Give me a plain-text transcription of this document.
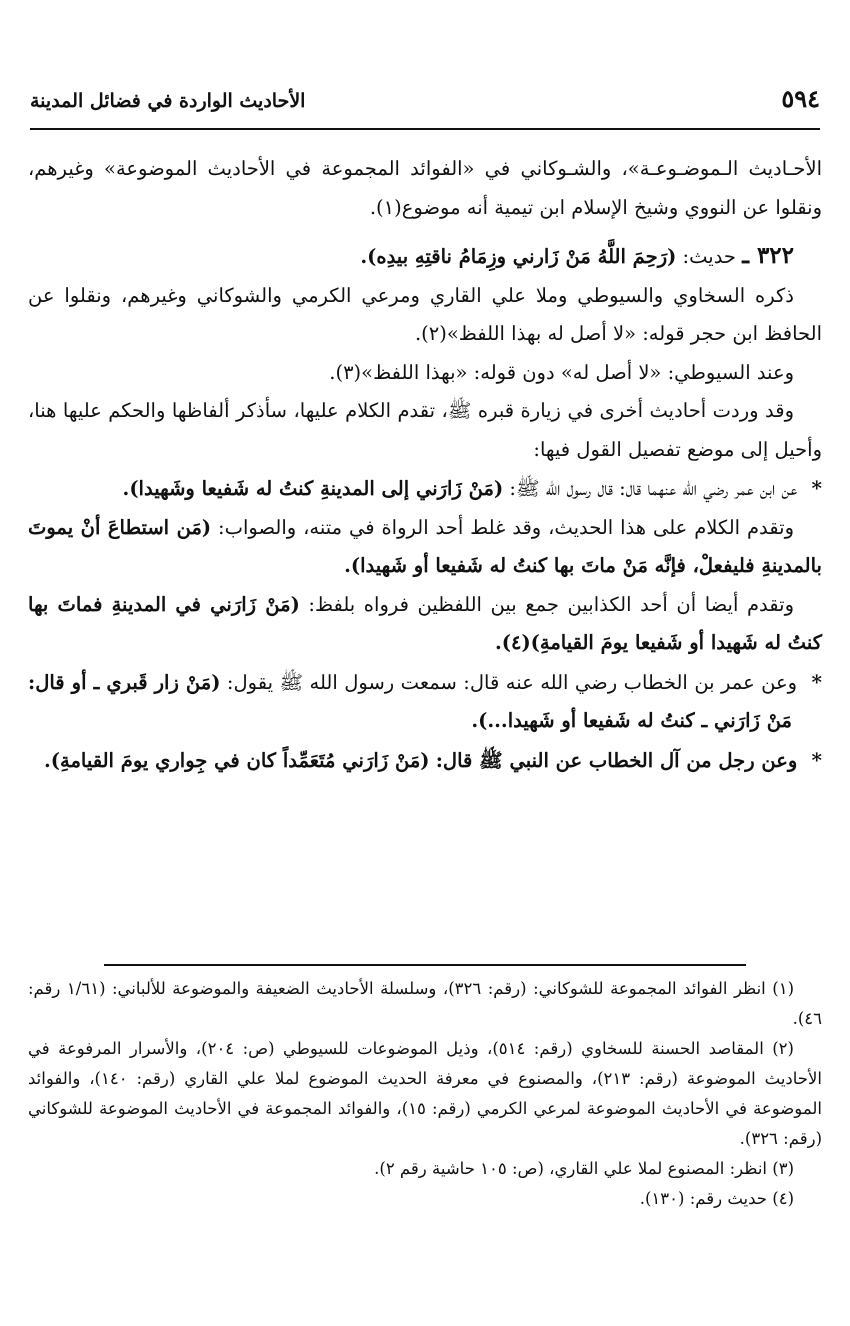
٥٩٤
الأحاديث الواردة في فضائل المدينة

الأحـاديث الـموضـوعـة»، والشـوكاني في «الفوائد المجموعة في الأحاديث الموضوعة» وغيرهم، ونقلوا عن النووي وشيخ الإسلام ابن تيمية أنه موضوع(١).

٣٢٢ ـ حديث: (رَحِمَ اللَّهُ مَنْ زَارني وزِمَامُ ناقتِهِ بيدِه).

ذكره السخاوي والسيوطي وملا علي القاري ومرعي الكرمي والشوكاني وغيرهم، ونقلوا عن الحافظ ابن حجر قوله: «لا أصل له بهذا اللفظ»(٢).

وعند السيوطي: «لا أصل له» دون قوله: «بهذا اللفظ»(٣).

وقد وردت أحاديث أخرى في زيارة قبره ﷺ، تقدم الكلام عليها، سأذكر ألفاظها والحكم عليها هنا، وأحيل إلى موضع تفصيل القول فيها:

* عن ابن عمر رضي الله عنهما قال: قال رسول الله ﷺ: (مَنْ زَارَني إلى المدينةِ كنتُ له شَفيعا وشَهيدا).

وتقدم الكلام على هذا الحديث، وقد غلط أحد الرواة في متنه، والصواب: (مَن استطاعَ أنْ يموتَ بالمدينةِ فليفعلْ، فإنَّه مَنْ ماتَ بها كنتُ له شَفيعا أو شَهيدا).

وتقدم أيضا أن أحد الكذابين جمع بين اللفظين فرواه بلفظ: (مَنْ زَارَني في المدينةِ فماتَ بها كنتُ له شَهيدا أو شَفيعا يومَ القيامةِ)(٤).

* وعن عمر بن الخطاب رضي الله عنه قال: سمعت رسول الله ﷺ يقول: (مَنْ زار قَبري ـ أو قال: مَنْ زَارَني ـ كنتُ له شَفيعا أو شَهيدا...).

* وعن رجل من آل الخطاب عن النبي ﷺ قال: (مَنْ زَارَني مُتَعَمِّداً كان في جِواري يومَ القيامةِ).

(١) انظر الفوائد المجموعة للشوكاني: (رقم: ٣٢٦)، وسلسلة الأحاديث الضعيفة والموضوعة للألباني: (١/٦١ رقم: ٤٦).

(٢) المقاصد الحسنة للسخاوي (رقم: ٥١٤)، وذيل الموضوعات للسيوطي (ص: ٢٠٤)، والأسرار المرفوعة في الأحاديث الموضوعة (رقم: ٢١٣)، والمصنوع في معرفة الحديث الموضوع لملا علي القاري (رقم: ١٤٠)، والفوائد الموضوعة في الأحاديث الموضوعة لمرعي الكرمي (رقم: ١٥)، والفوائد المجموعة في الأحاديث الموضوعة للشوكاني (رقم: ٣٢٦).

(٣) انظر: المصنوع لملا علي القاري، (ص: ١٠٥ حاشية رقم ٢).

(٤) حديث رقم: (١٣٠).
